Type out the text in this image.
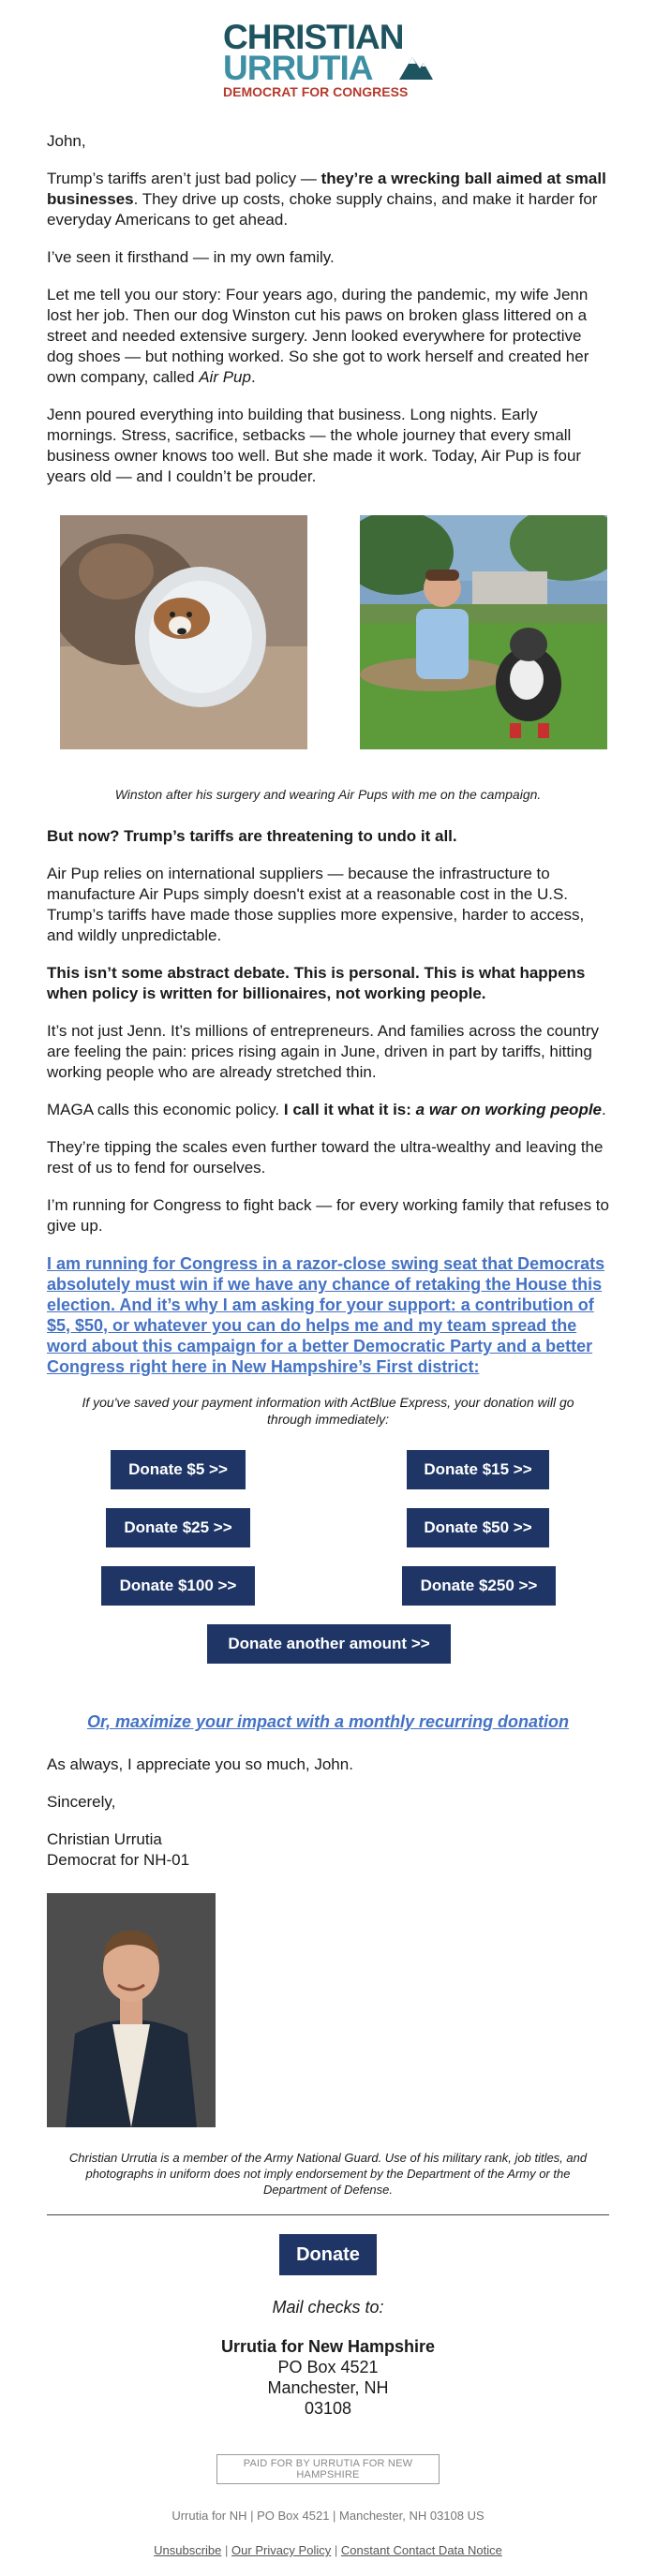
CHRISTIAN
URRUTIA
DEMOCRAT FOR CONGRESS

John,

Trump’s tariffs aren’t just bad policy — they’re a wrecking ball aimed at small businesses. They drive up costs, choke supply chains, and make it harder for everyday Americans to get ahead.

I’ve seen it firsthand — in my own family.

Let me tell you our story: Four years ago, during the pandemic, my wife Jenn lost her job. Then our dog Winston cut his paws on broken glass littered on a street and needed extensive surgery. Jenn looked everywhere for protective dog shoes — but nothing worked. So she got to work herself and created her own company, called Air Pup.

Jenn poured everything into building that business. Long nights. Early mornings. Stress, sacrifice, setbacks — the whole journey that every small business owner knows too well. But she made it work. Today, Air Pup is four years old — and I couldn’t be prouder.

Winston after his surgery and wearing Air Pups with me on the campaign.

But now? Trump’s tariffs are threatening to undo it all.

Air Pup relies on international suppliers — because the infrastructure to manufacture Air Pups simply doesn't exist at a reasonable cost in the U.S. Trump’s tariffs have made those supplies more expensive, harder to access, and wildly unpredictable.

This isn’t some abstract debate. This is personal. This is what happens when policy is written for billionaires, not working people.

It’s not just Jenn. It’s millions of entrepreneurs. And families across the country are feeling the pain: prices rising again in June, driven in part by tariffs, hitting working people who are already stretched thin.

MAGA calls this economic policy. I call it what it is: a war on working people.

They’re tipping the scales even further toward the ultra-wealthy and leaving the rest of us to fend for ourselves.

I’m running for Congress to fight back — for every working family that refuses to give up.

I am running for Congress in a razor-close swing seat that Democrats absolutely must win if we have any chance of retaking the House this election. And it’s why I am asking for your support: a contribution of $5, $50, or whatever you can do helps me and my team spread the word about this campaign for a better Democratic Party and a better Congress right here in New Hampshire’s First district:

If you've saved your payment information with ActBlue Express, your donation will go through immediately:

Donate $5 >>	Donate $15 >>
Donate $25 >>	Donate $50 >>
Donate $100 >>	Donate $250 >>
Donate another amount >>

Or, maximize your impact with a monthly recurring donation

As always, I appreciate you so much, John.

Sincerely,

Christian Urrutia

Democrat for NH-01

Christian Urrutia is a member of the Army National Guard. Use of his military rank, job titles, and photographs in uniform does not imply endorsement by the Department of the Army or the Department of Defense.

Donate

Mail checks to:

Urrutia for New Hampshire
PO Box 4521
Manchester, NH
03108
PAID FOR BY URRUTIA FOR NEW HAMPSHIRE

Urrutia for NH | PO Box 4521 | Manchester, NH 03108 US

Unsubscribe | Our Privacy Policy | Constant Contact Data Notice
